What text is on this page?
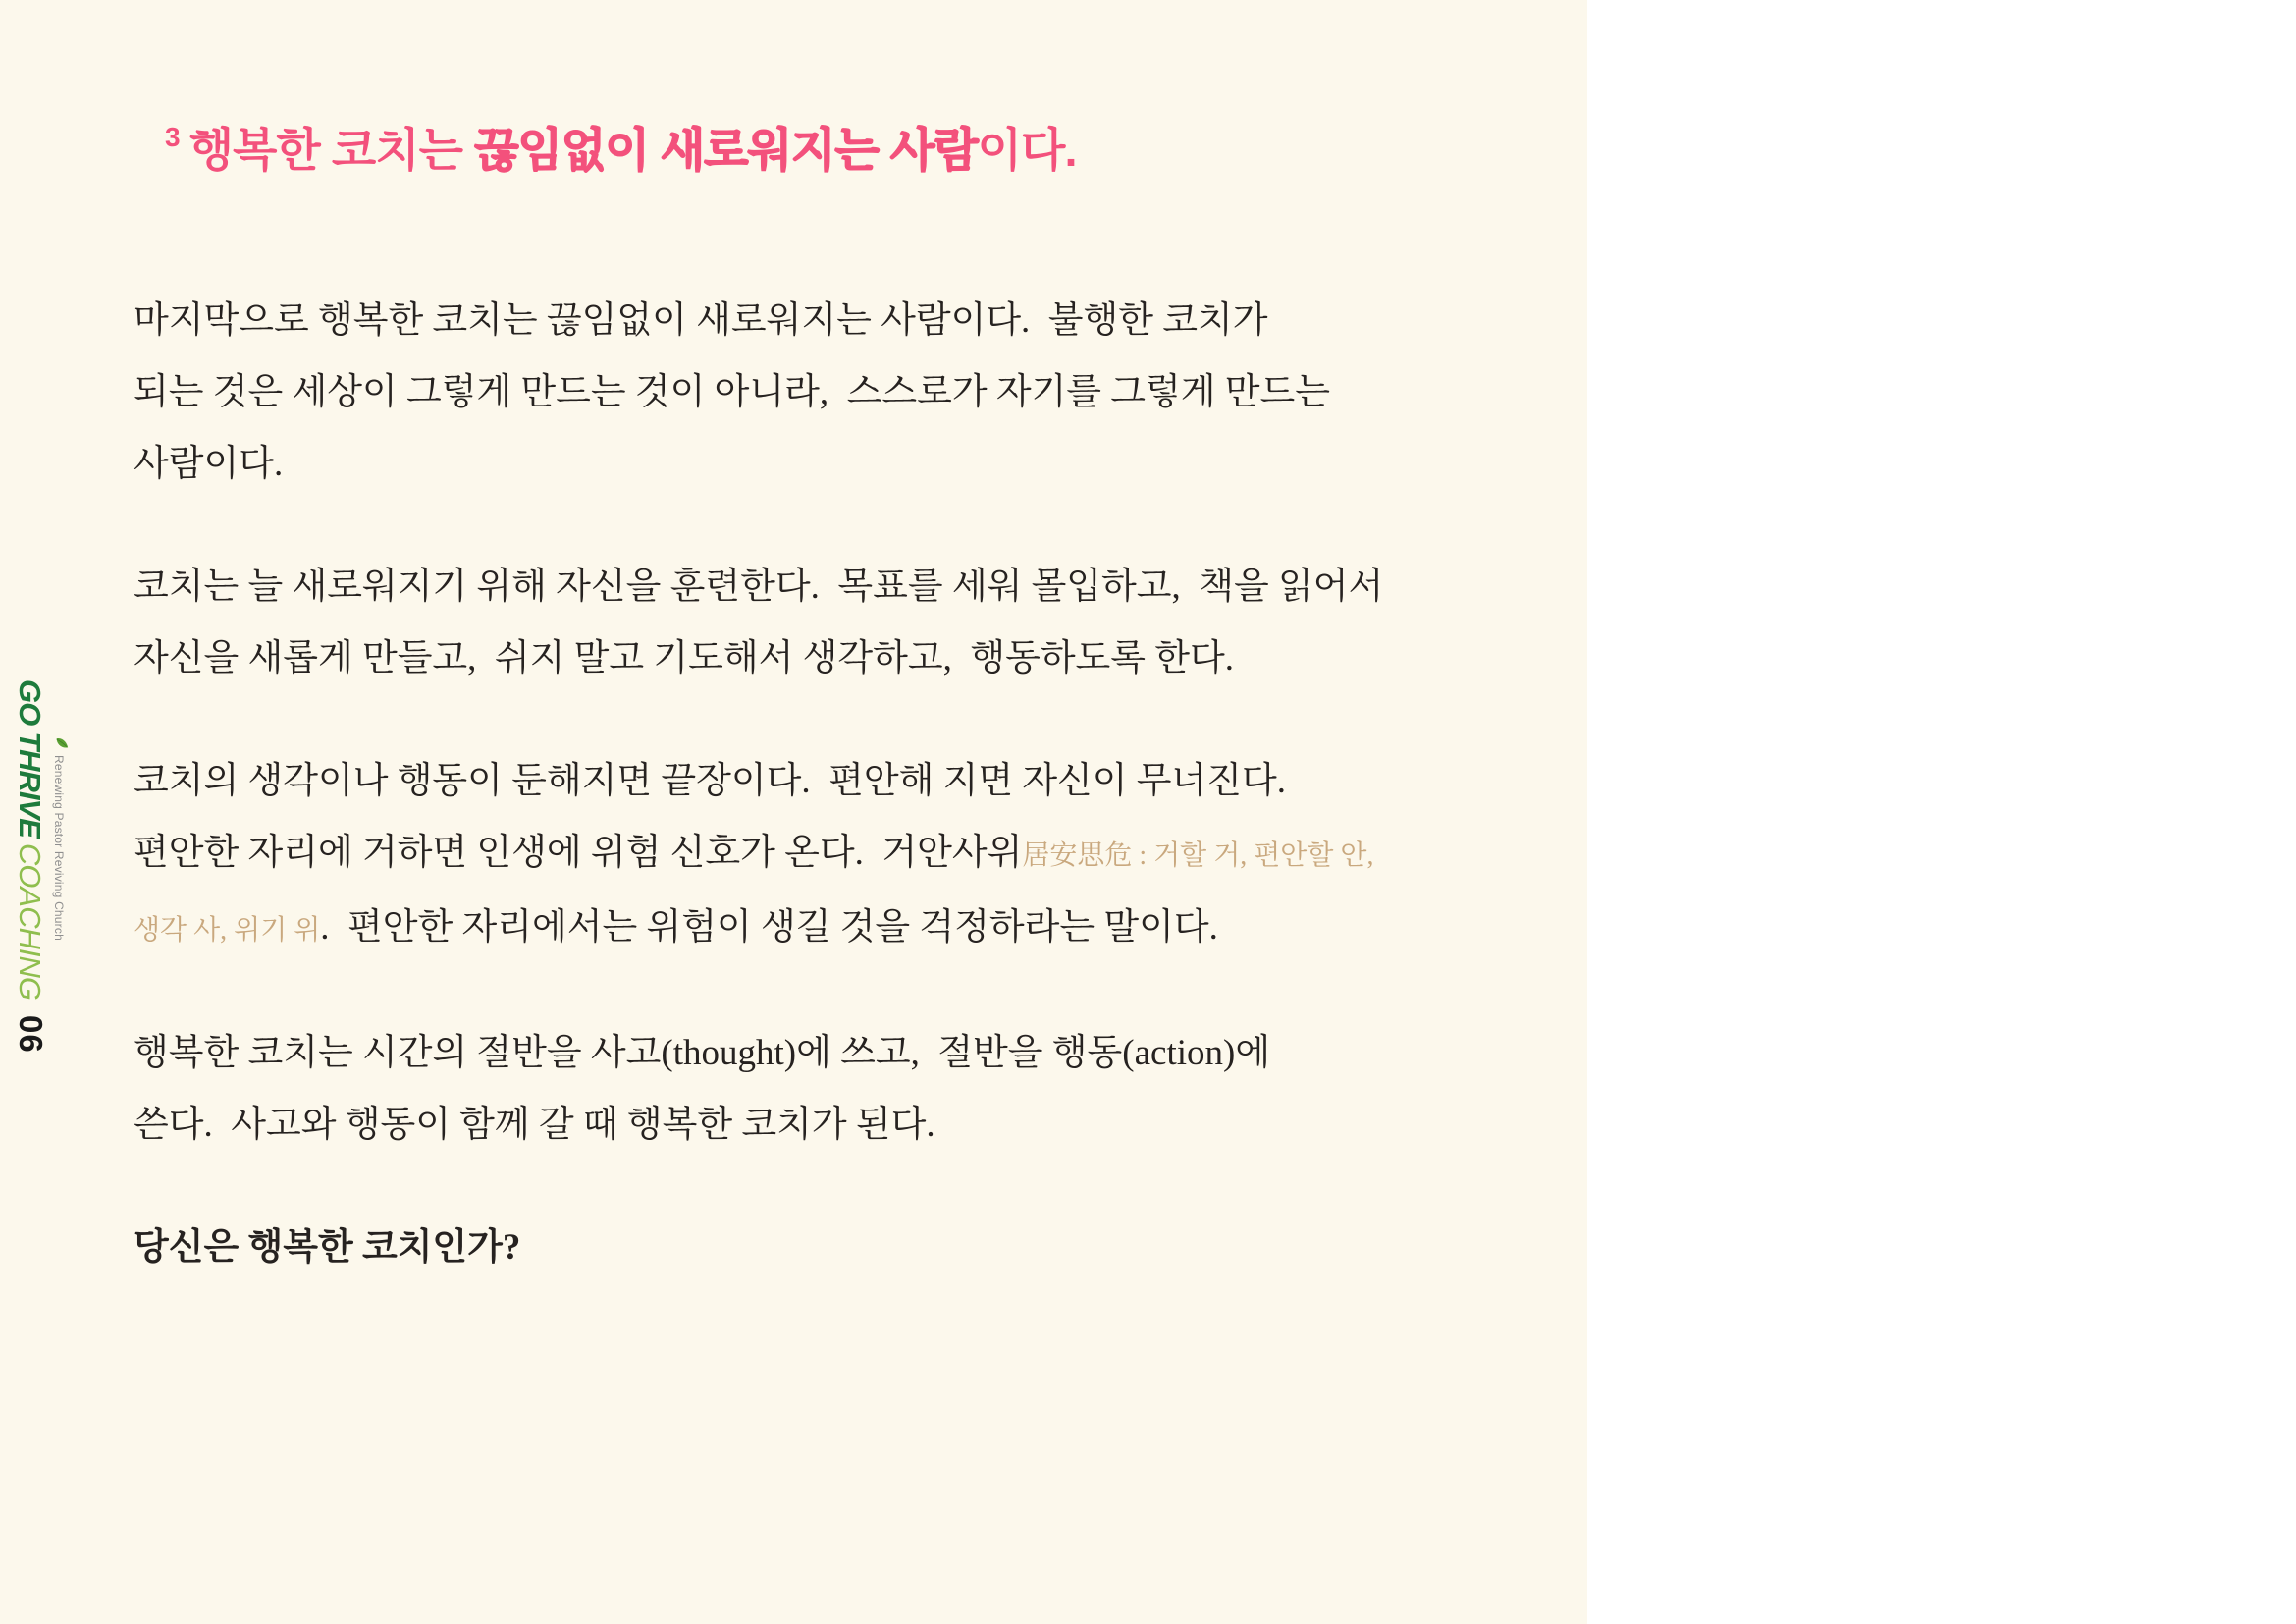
$^3$ 행복한 코치는 끊임없이 새로워지는 사람이다.
마지막으로 행복한 코치는 끊임없이 새로워지는 사람이다.  불행한 코치가
되는 것은 세상이 그렇게 만드는 것이 아니라,  스스로가 자기를 그렇게 만드는
사람이다.
코치는 늘 새로워지기 위해 자신을 훈련한다.  목표를 세워 몰입하고,  책을 읽어서
자신을 새롭게 만들고,  쉬지 말고 기도해서 생각하고,  행동하도록 한다.
코치의 생각이나 행동이 둔해지면 끝장이다.  편안해 지면 자신이 무너진다.
편안한 자리에 거하면 인생에 위험 신호가 온다.  거안사위居安思危 : 거할 거, 편안할 안,
생각 사, 위기 위.  편안한 자리에서는 위험이 생길 것을 걱정하라는 말이다.
행복한 코치는 시간의 절반을 사고(thought)에 쓰고,  절반을 행동(action)에
쓴다.  사고와 행동이 함께 갈 때 행복한 코치가 된다.
당신은 행복한 코치인가?
Renewing Pastor Reviving Church
GO
THRIVE
COACHING
06
